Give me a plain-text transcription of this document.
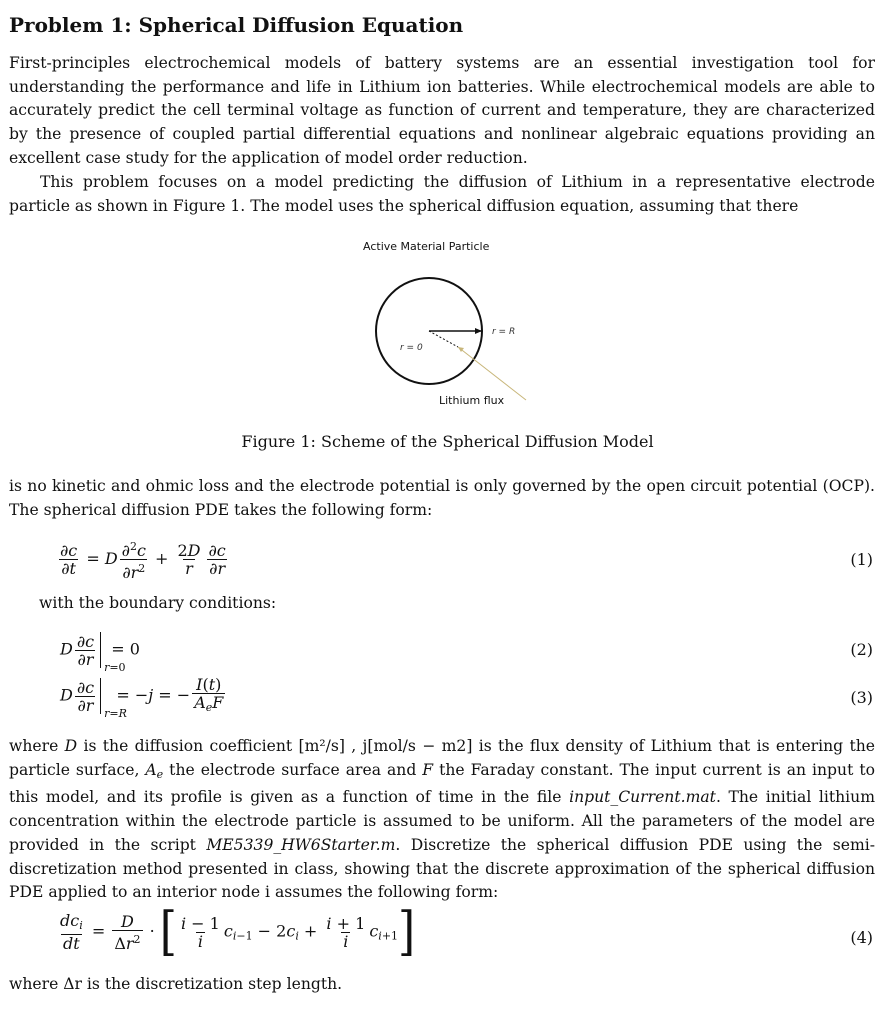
Problem 1: Spherical Diffusion Equation
First-principles electrochemical models of battery systems are an essential investigation tool for understanding the performance and life in Lithium ion batteries. While electrochemical models are able to accurately predict the cell terminal voltage as function of current and temperature, they are characterized by the presence of coupled partial differential equations and nonlinear algebraic equations providing an excellent case study for the application of model order reduction.
This problem focuses on a model predicting the diffusion of Lithium in a representative electrode particle as shown in Figure 1. The model uses the spherical diffusion equation, assuming that there
Active Material Particle
r = 0
r = R
Lithium flux
Figure 1: Scheme of the Spherical Diffusion Model
is no kinetic and ohmic loss and the electrode potential is only governed by the open circuit potential (OCP). The spherical diffusion PDE takes the following form:
$\frac{\partial c}{\partial t} = D \frac{\partial^2c}{\partial r^2} + \frac{2D}{r} \frac{\partial c}{\partial r}$	(1)
with the boundary conditions:
D $\frac{\partial c}{\partial r} r=0$
= 0	(2)
D $\frac{\partial c}{\partial r} r=R$
= −j = − $\frac{I(t)}{A_eF}$	(3)
where D is the diffusion coefficient [m²/s] , j[mol/s − m2] is the flux density of Lithium that is entering the particle surface, $A_e$ the electrode surface area and F the Faraday constant. The input current is an input to this model, and its profile is given as a function of time in the file input_Current.mat. The initial lithium concentration within the electrode particle is assumed to be uniform. All the parameters of the model are provided in the script ME5339_HW6Starter.m. Discretize the spherical diffusion PDE using the semi-discretization method presented in class, showing that the discrete approximation of the spherical diffusion PDE applied to an interior node i assumes the following form:
$\frac{dc_i}{dt} = \frac{D}{\Delta r^2}$ · [ $\frac{i - 1}{i} c_{i-1} - 2c_i + \frac{i + 1}{i} c_{i+1}$]	(4)
where Δr is the discretization step length.
